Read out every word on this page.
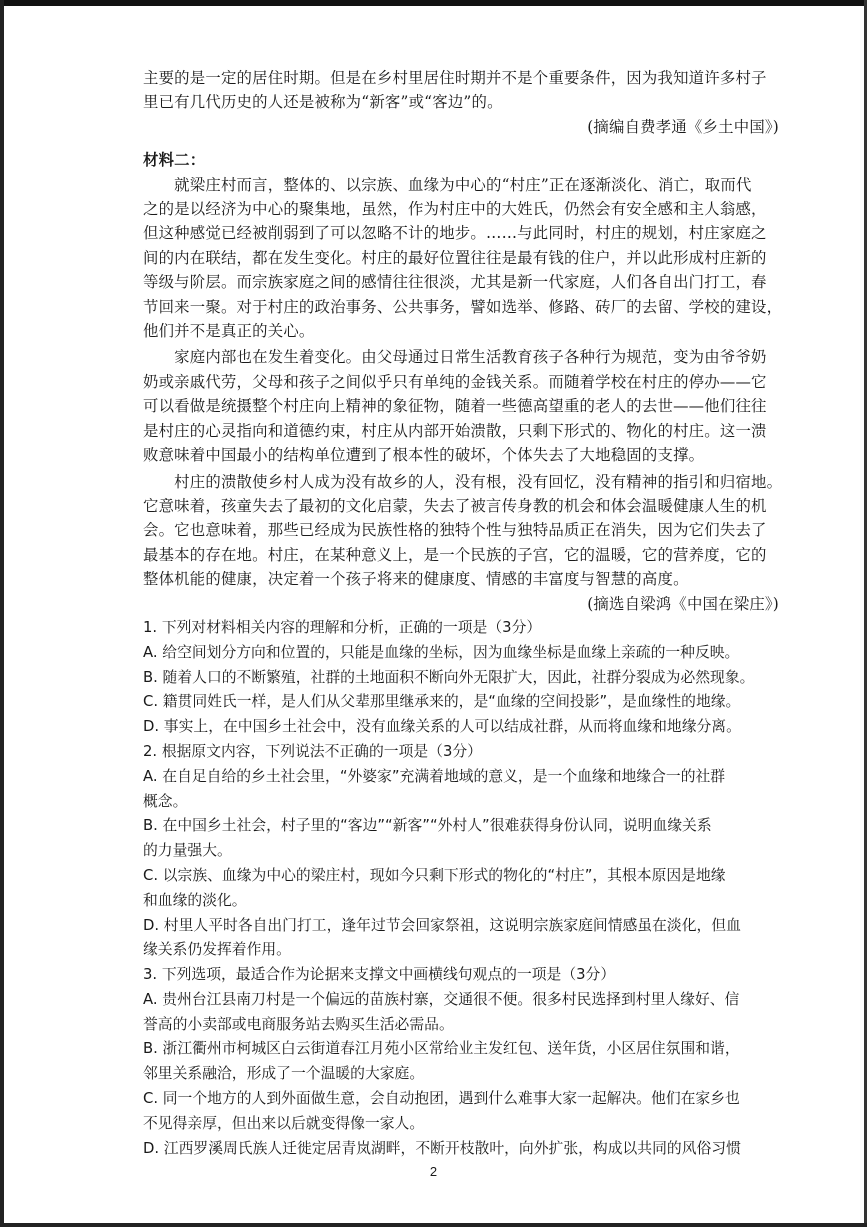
主要的是一定的居住时期。但是在乡村里居住时期并不是个重要条件，因为我知道许多村子

里已有几代历史的人还是被称为“新客”或“客边”的。

(摘编自费孝通《乡土中国》)

材料二：

　　就梁庄村而言，整体的、以宗族、血缘为中心的“村庄”正在逐渐淡化、消亡，取而代

之的是以经济为中心的聚集地，虽然，作为村庄中的大姓氏，仍然会有安全感和主人翁感，

但这种感觉已经被削弱到了可以忽略不计的地步。……与此同时，村庄的规划，村庄家庭之

间的内在联结，都在发生变化。村庄的最好位置往往是最有钱的住户，并以此形成村庄新的

等级与阶层。而宗族家庭之间的感情往往很淡，尤其是新一代家庭，人们各自出门打工，春

节回来一聚。对于村庄的政治事务、公共事务，譬如选举、修路、砖厂的去留、学校的建设，

他们并不是真正的关心。

　　家庭内部也在发生着变化。由父母通过日常生活教育孩子各种行为规范，变为由爷爷奶

奶或亲戚代劳，父母和孩子之间似乎只有单纯的金钱关系。而随着学校在村庄的停办——它

可以看做是统摄整个村庄向上精神的象征物，随着一些德高望重的老人的去世——他们往往

是村庄的心灵指向和道德约束，村庄从内部开始溃散，只剩下形式的、物化的村庄。这一溃

败意味着中国最小的结构单位遭到了根本性的破坏，个体失去了大地稳固的支撑。

　　村庄的溃散使乡村人成为没有故乡的人，没有根，没有回忆，没有精神的指引和归宿地。

它意味着，孩童失去了最初的文化启蒙，失去了被言传身教的机会和体会温暖健康人生的机

会。它也意味着，那些已经成为民族性格的独特个性与独特品质正在消失，因为它们失去了

最基本的存在地。村庄，在某种意义上，是一个民族的子宫，它的温暖，它的营养度，它的

整体机能的健康，决定着一个孩子将来的健康度、情感的丰富度与智慧的高度。

(摘选自梁鸿《中国在梁庄》)

1. 下列对材料相关内容的理解和分析，正确的一项是（3分）

A. 给空间划分方向和位置的，只能是血缘的坐标，因为血缘坐标是血缘上亲疏的一种反映。

B. 随着人口的不断繁殖，社群的土地面积不断向外无限扩大，因此，社群分裂成为必然现象。

C. 籍贯同姓氏一样，是人们从父辈那里继承来的，是“血缘的空间投影”，是血缘性的地缘。

D. 事实上，在中国乡土社会中，没有血缘关系的人可以结成社群，从而将血缘和地缘分离。

2. 根据原文内容，下列说法不正确的一项是（3分）

A. 在自足自给的乡土社会里，“外婆家”充满着地域的意义，是一个血缘和地缘合一的社群

概念。

B. 在中国乡土社会，村子里的“客边”“新客”“外村人”很难获得身份认同，说明血缘关系

的力量强大。

C. 以宗族、血缘为中心的梁庄村，现如今只剩下形式的物化的“村庄”，其根本原因是地缘

和血缘的淡化。

D. 村里人平时各自出门打工，逢年过节会回家祭祖，这说明宗族家庭间情感虽在淡化，但血

缘关系仍发挥着作用。

3. 下列选项，最适合作为论据来支撑文中画横线句观点的一项是（3分）

A. 贵州台江县南刀村是一个偏远的苗族村寨，交通很不便。很多村民选择到村里人缘好、信

誉高的小卖部或电商服务站去购买生活必需品。

B. 浙江衢州市柯城区白云街道春江月苑小区常给业主发红包、送年货，小区居住氛围和谐，

邻里关系融洽，形成了一个温暖的大家庭。

C. 同一个地方的人到外面做生意，会自动抱团，遇到什么难事大家一起解决。他们在家乡也

不见得亲厚，但出来以后就变得像一家人。

D. 江西罗溪周氏族人迁徙定居青岚湖畔，不断开枝散叶，向外扩张，构成以共同的风俗习惯

2
